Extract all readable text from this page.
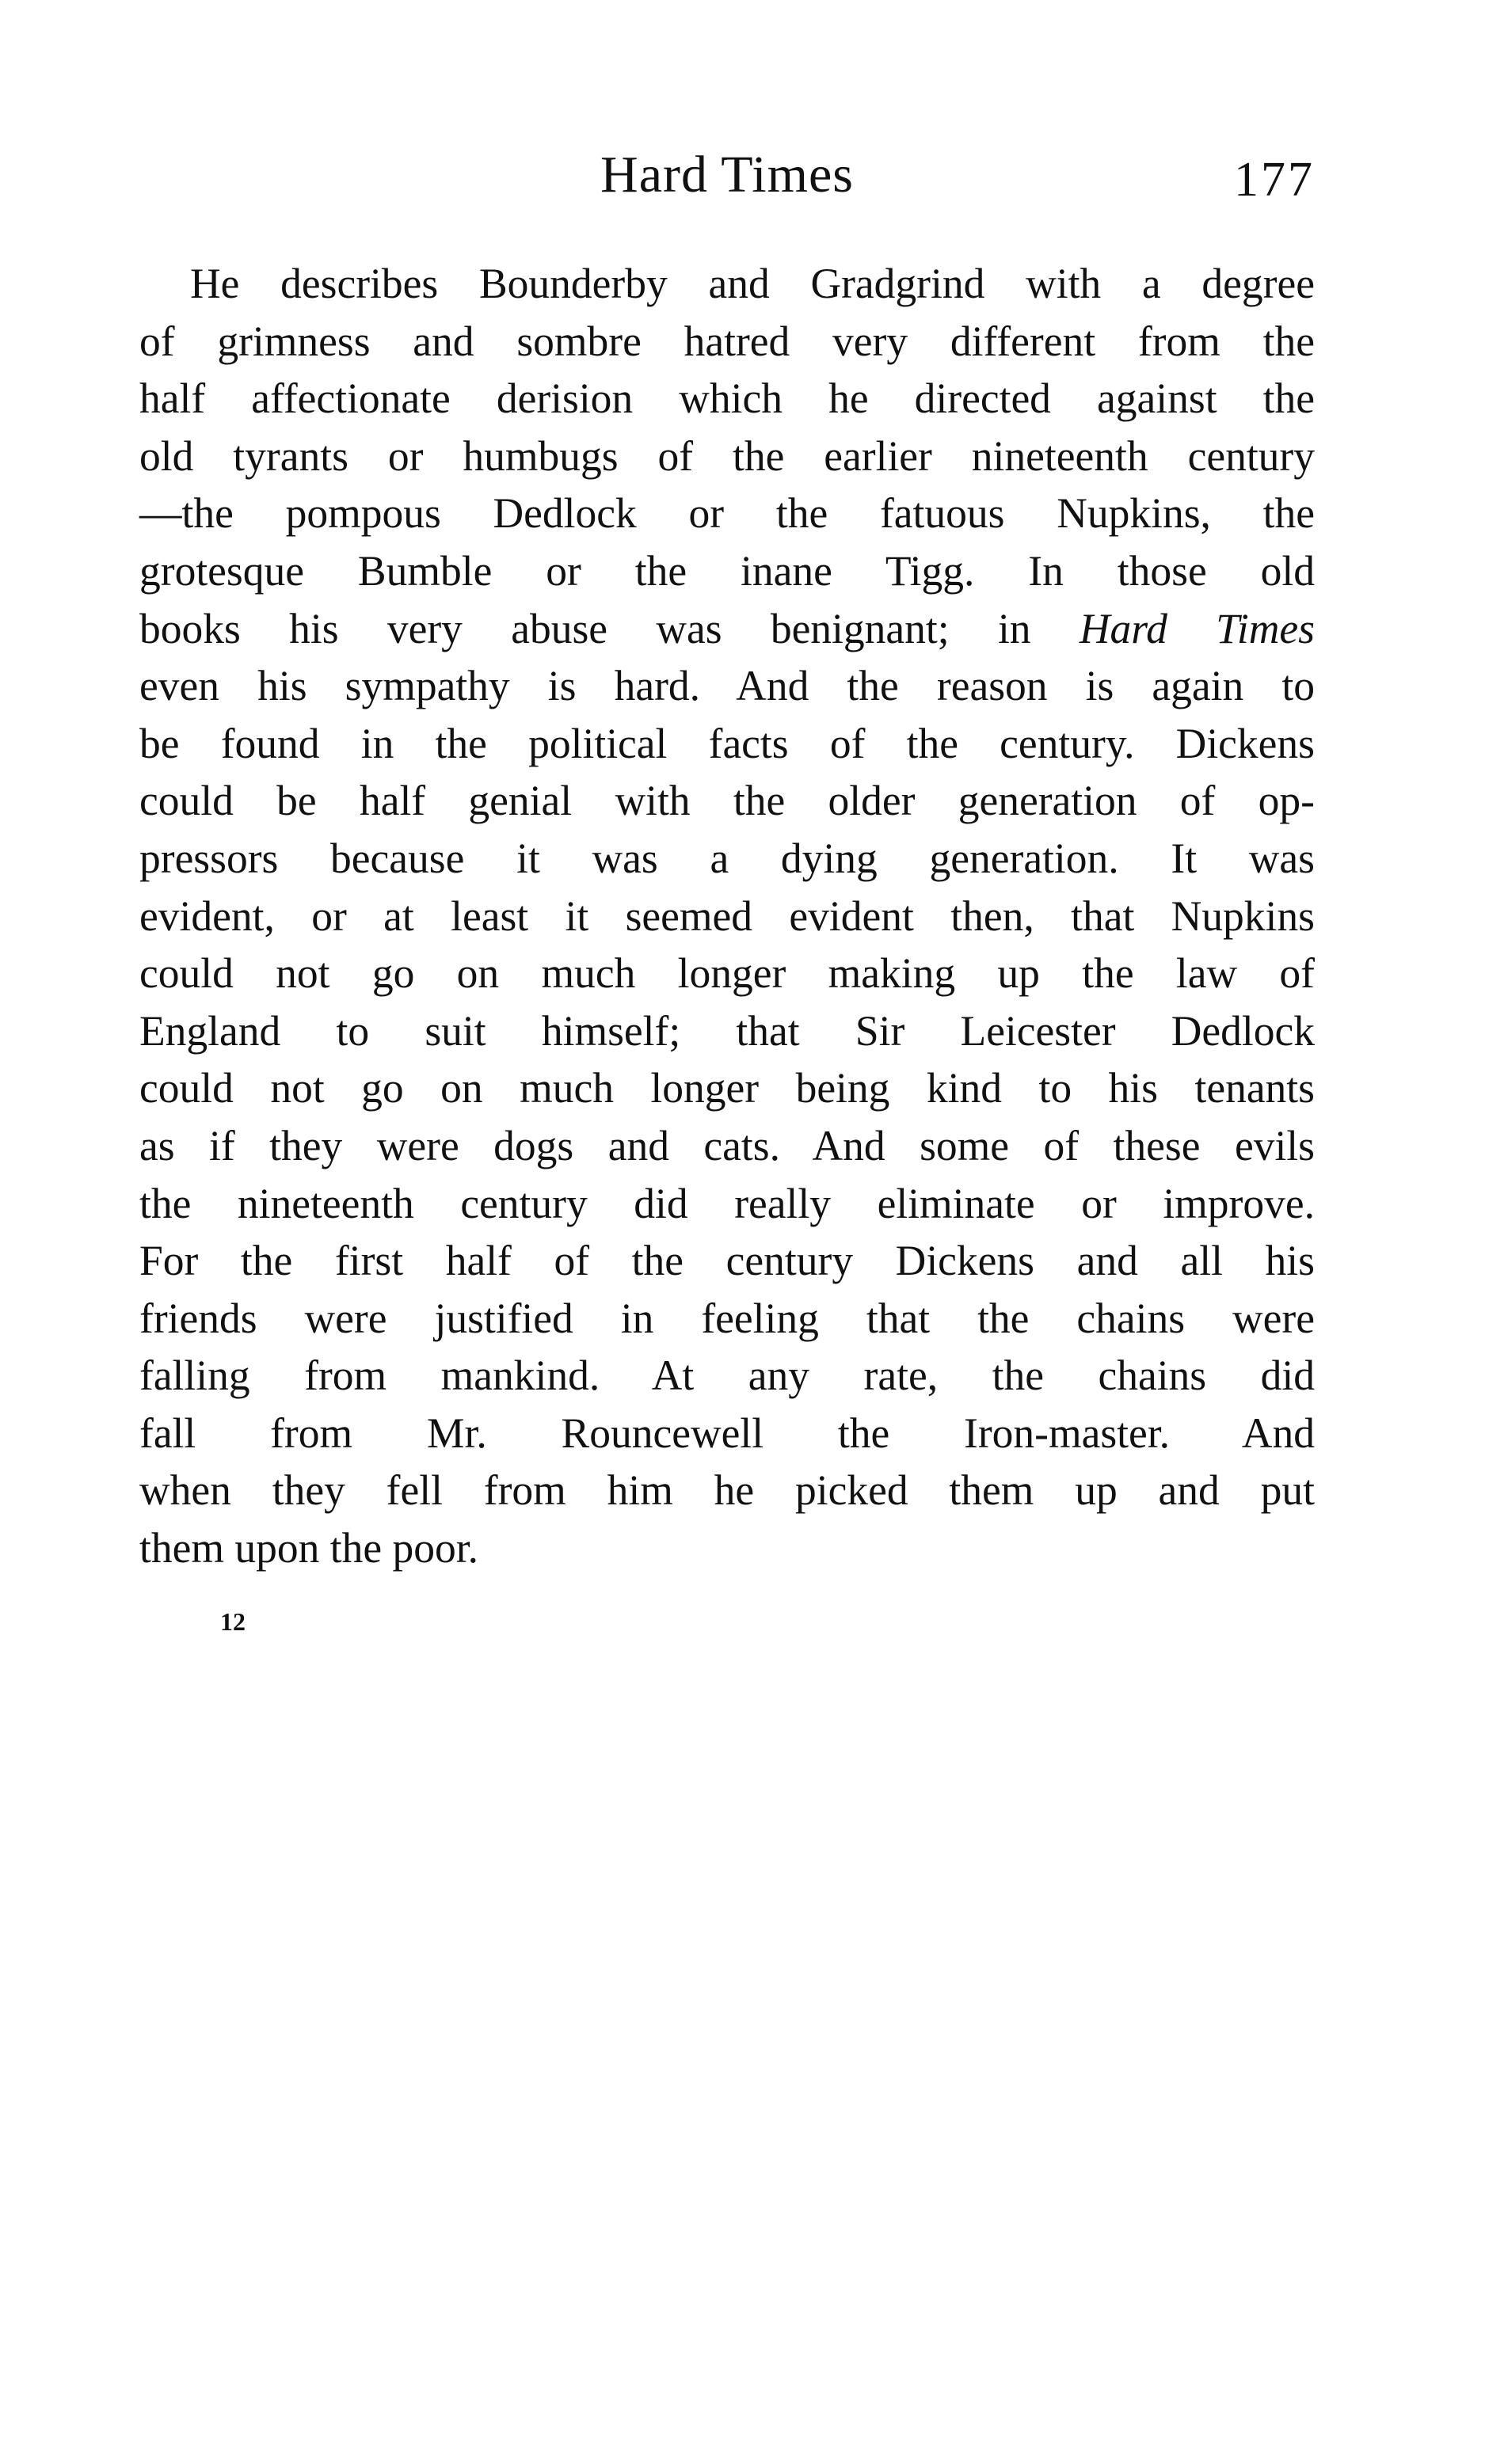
Hard Times	177
He describes Bounderby and Gradgrind with a degree
of grimness and sombre hatred very different from the
half affectionate derision which he directed against the
old tyrants or humbugs of the earlier nineteenth century
—the pompous Dedlock or the fatuous Nupkins, the
grotesque Bumble or the inane Tigg. In those old
books his very abuse was benignant; in Hard Times
even his sympathy is hard. And the reason is again to
be found in the political facts of the century. Dickens
could be half genial with the older generation of op-
pressors because it was a dying generation. It was
evident, or at least it seemed evident then, that Nupkins
could not go on much longer making up the law of
England to suit himself; that Sir Leicester Dedlock
could not go on much longer being kind to his tenants
as if they were dogs and cats. And some of these evils
the nineteenth century did really eliminate or improve.
For the first half of the century Dickens and all his
friends were justified in feeling that the chains were
falling from mankind. At any rate, the chains did
fall from Mr. Rouncewell the Iron-master. And
when they fell from him he picked them up and put
them upon the poor.
12
